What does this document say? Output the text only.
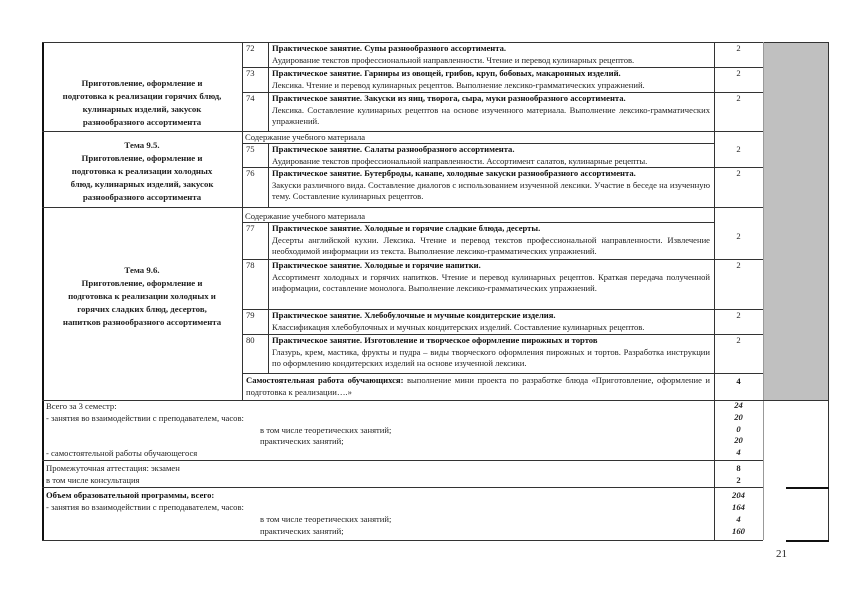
Приготовление, оформление и
подготовка к реализации горячих блюд,
кулинарных изделий, закусок
разнообразного ассортимента
Тема 9.5.
Приготовление, оформление и
подготовка к реализации холодных
блюд, кулинарных изделий, закусок
разнообразного ассортимента
Тема 9.6.
Приготовление, оформление и
подготовка к реализации холодных и
горячих сладких блюд, десертов,
напитков разнообразного ассортимента
Содержание учебного материала
Содержание учебного материала
72 Практическое занятие. Супы разнообразного ассортимента.
Аудирование текстов профессиональной направленности. Чтение и перевод кулинарных рецептов.
2
73 Практическое занятие. Гарниры из овощей, грибов, круп, бобовых, макаронных изделий.
Лексика. Чтение и перевод кулинарных рецептов. Выполнение лексико-грамматических упражнений.
2
74 Практическое занятие. Закуски из яиц, творога, сыра, муки разнообразного ассортимента.
Лексика. Составление кулинарных рецептов на основе изученного материала. Выполнение лексико-грамматических упражнений.
2
75 Практическое занятие. Салаты разнообразного ассортимента.
Аудирование текстов профессиональной направленности. Ассортимент салатов, кулинарные рецепты.
2
76 Практическое занятие. Бутерброды, канапе, холодные закуски разнообразного ассортимента.
Закуски различного вида. Составление диалогов с использованием изученной лексики. Участие в беседе на изученную тему. Составление кулинарных рецептов.
2
77 Практическое занятие. Холодные и горячие сладкие блюда, десерты.
Десерты английской кухни. Лексика. Чтение и перевод текстов профессиональной направленности. Извлечение необходимой информации из текста. Выполнение лексико-грамматических упражнений.
2
78 Практическое занятие. Холодные и горячие напитки.
Ассортимент холодных и горячих напитков. Чтение и перевод кулинарных рецептов. Краткая передача полученной информации, составление монолога. Выполнение лексико-грамматических упражнений.
2
79 Практическое занятие. Хлебобулочные и мучные кондитерские изделия.
Классификация хлебобулочных и мучных кондитерских изделий. Составление кулинарных рецептов.
2
80 Практическое занятие. Изготовление и творческое оформление пирожных и тортов
Глазурь, крем, мастика, фрукты и пудра – виды творческого оформления пирожных и тортов. Разработка инструкции по оформлению кондитерских изделий на основе изученной лексики.
2
Самостоятельная работа обучающихся: выполнение мини проекта по разработке блюда «Приготовление, оформление и подготовка к реализации….»
4
Всего за 3 семестр:
- занятия во взаимодействии с преподавателем, часов:
в том числе теоретических занятий;
практических занятий;
- самостоятельной работы обучающегося
24
20
0
20
4
Промежуточная аттестация: экзамен
в том числе консультация
8
2
Объем образовательной программы, всего:
- занятия во взаимодействии с преподавателем, часов:
в том числе теоретических занятий;
практических занятий;
204
164
4
160
21
